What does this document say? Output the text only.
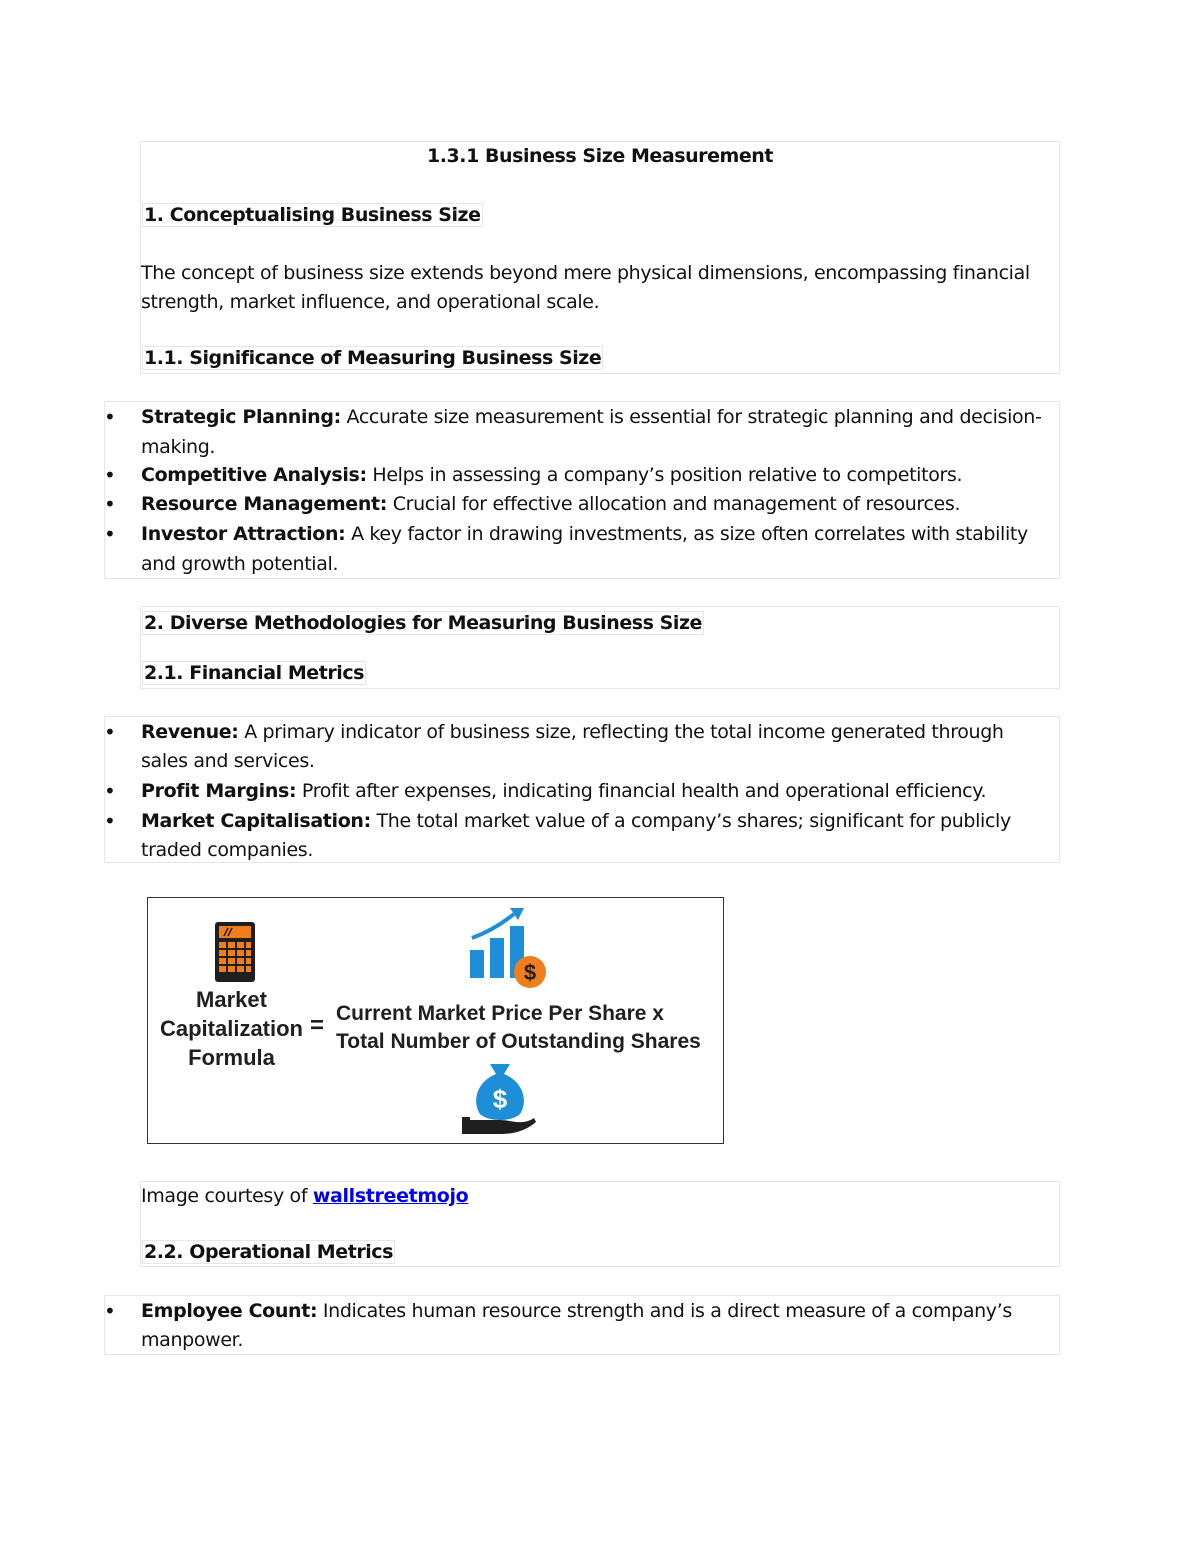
1.3.1 Business Size Measurement
1. Conceptualising Business Size
The concept of business size extends beyond mere physical dimensions, encompassing financial
strength, market influence, and operational scale.
1.1. Significance of Measuring Business Size
• Strategic Planning: Accurate size measurement is essential for strategic planning and decision-
making.
• Competitive Analysis: Helps in assessing a company’s position relative to competitors.
• Resource Management: Crucial for effective allocation and management of resources.
• Investor Attraction: A key factor in drawing investments, as size often correlates with stability
and growth potential.
2. Diverse Methodologies for Measuring Business Size
2.1. Financial Metrics
• Revenue: A primary indicator of business size, reflecting the total income generated through
sales and services.
• Profit Margins: Profit after expenses, indicating financial health and operational efficiency.
• Market Capitalisation: The total market value of a company’s shares; significant for publicly
traded companies.
$
Market
Capitalization
Formula
= Current Market Price Per Share x
Total Number of Outstanding Shares
$
Image courtesy of wallstreetmojo
2.2. Operational Metrics
• Employee Count: Indicates human resource strength and is a direct measure of a company’s
manpower.
